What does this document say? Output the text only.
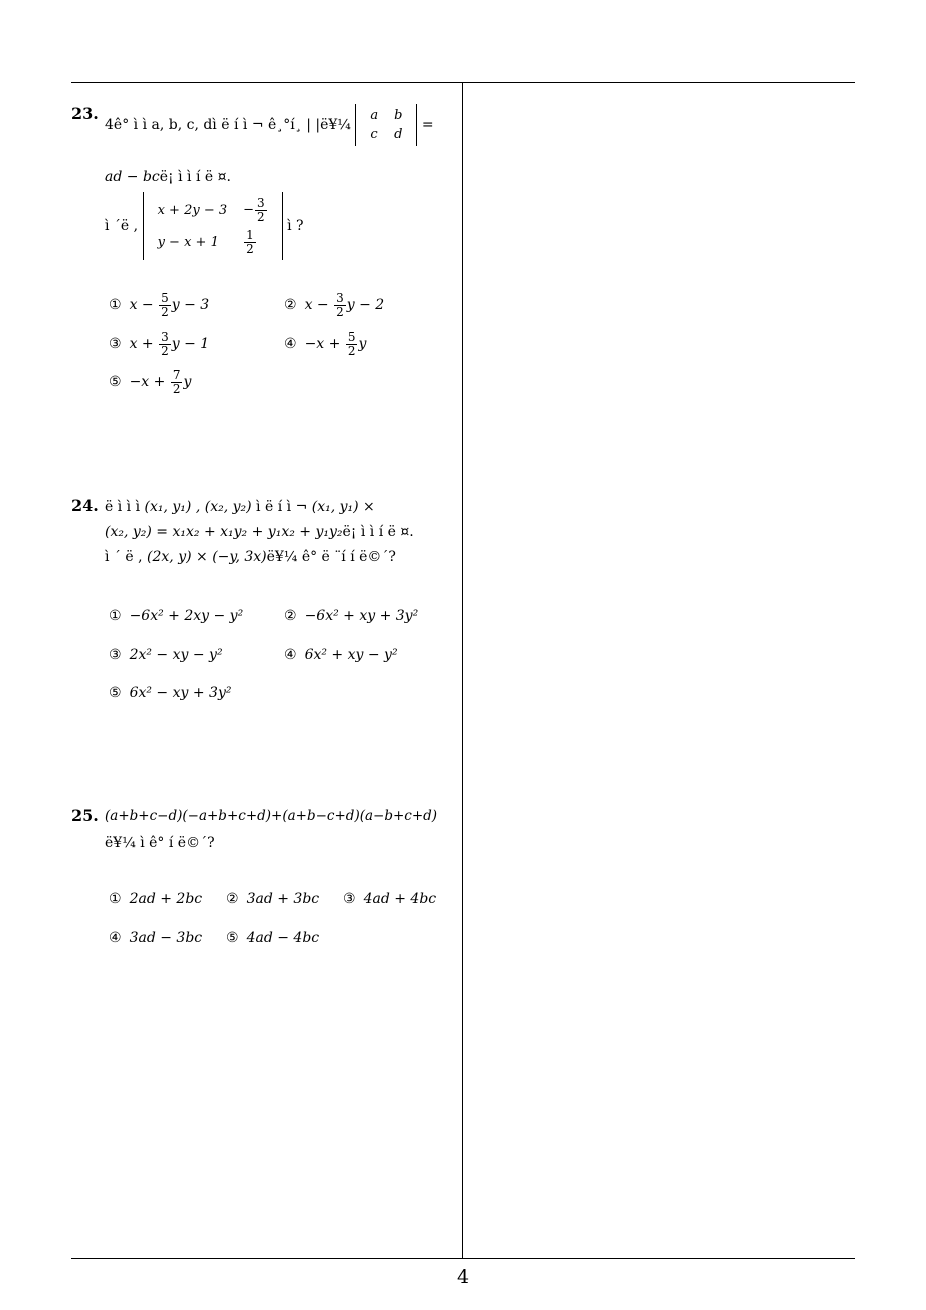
23.
4ê° ì ì a, b, c, dì ë í ì ¬ ê¸°í¸ | |ë¥¼
a	b
c	d
=
ad − bcë¡ ì ì í ë ¤.
ì ´ë ,
x + 2y − 3	− $\frac{3}{2}$

y − x + 1	$\frac{1}{2}$
ì ?
① $x - \frac{5}{2}$ y − 3	② $x - \frac{3}{2}$ y − 2
③ $x + \frac{3}{2}$ y − 1	④ $-x + \frac{5}{2}$ y
⑤ $-x + \frac{7}{2}$ y
24. ë ì ì ì (x₁, y₁) , (x₂, y₂) ì ë í ì ¬ (x₁, y₁) ×
(x₂, y₂) = x₁x₂ + x₁y₂ + y₁x₂ + y₁y₂ë¡ ì ì í ë ¤.
ì ´ ë , (2x, y) × (−y, 3x)ë¥¼ ê° ë ¨í í ë©´?
① −6x² + 2xy − y²	② −6x² + xy + 3y²
③ 2x² − xy − y²	④ 6x² + xy − y²
⑤ 6x² − xy + 3y²
25. (a+b+c−d)(−a+b+c+d)+(a+b−c+d)(a−b+c+d)
ë¥¼ ì ê° í ë©´?
① 2ad + 2bc ② 3ad + 3bc ③ 4ad + 4bc
④ 3ad − 3bc ⑤ 4ad − 4bc
4
